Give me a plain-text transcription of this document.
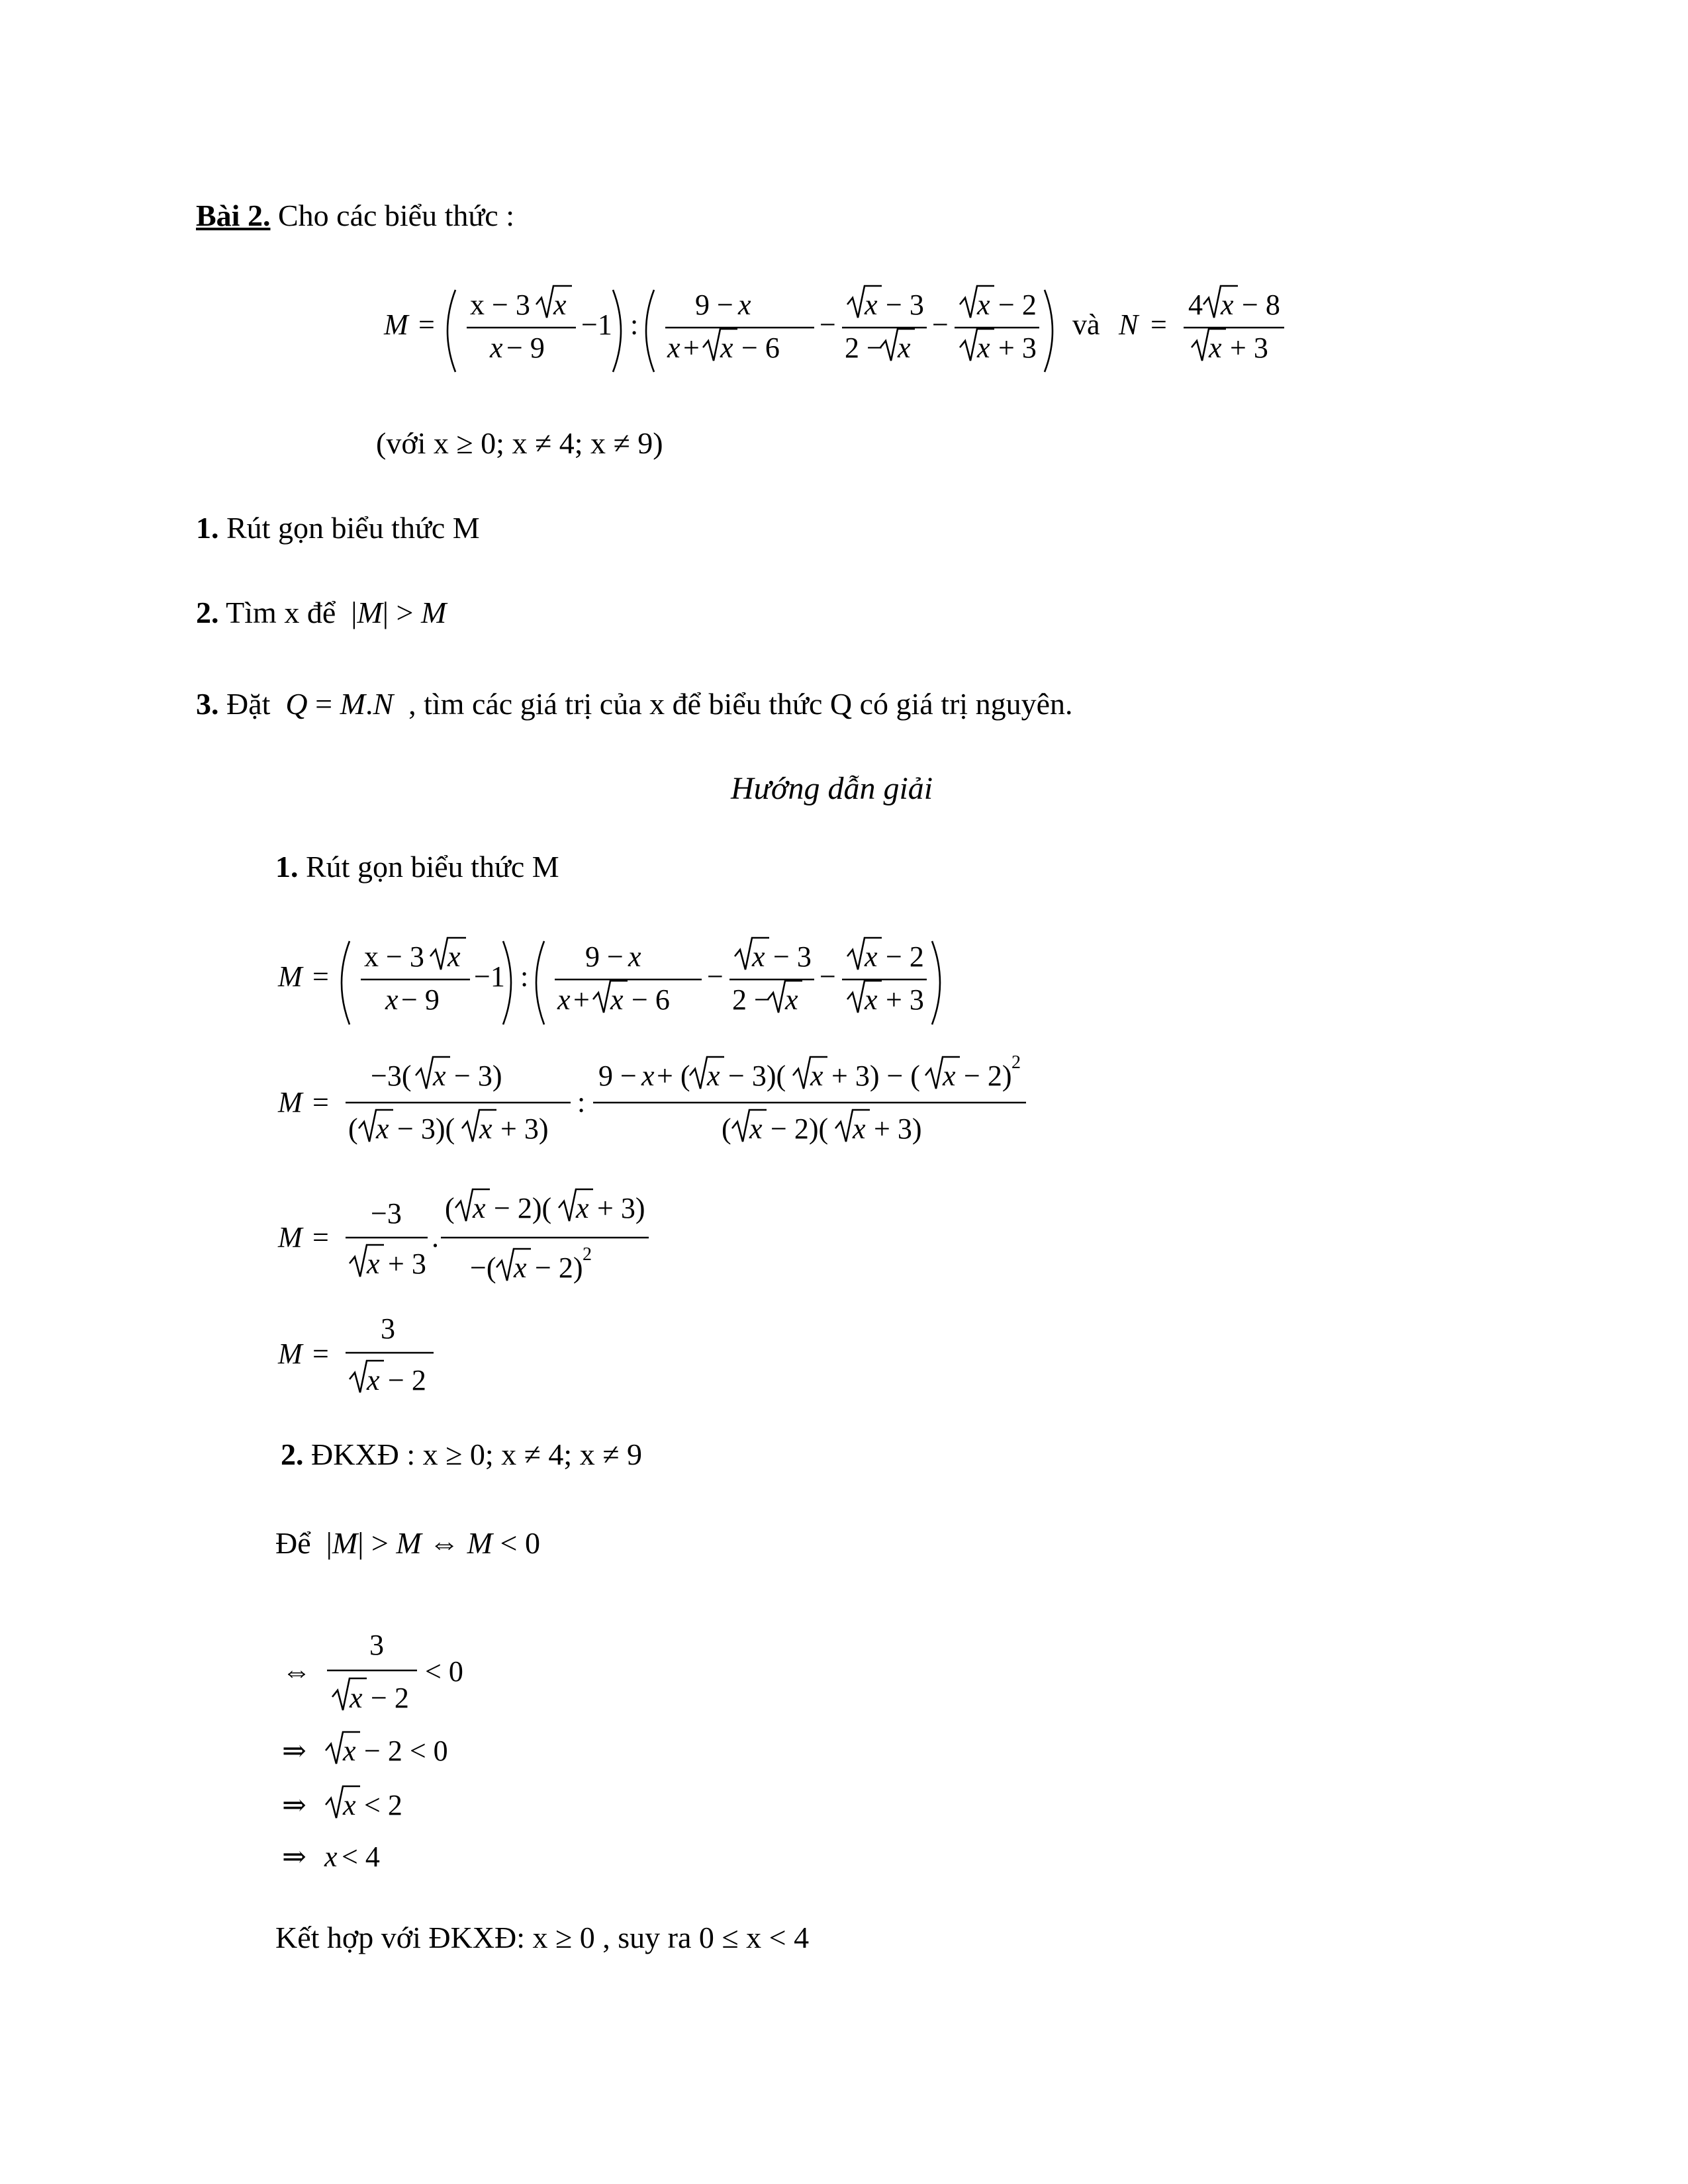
Bài 2. Cho các biểu thức :
M =
x − 3 x
x − 9
−1 :
9 − x
x + x − 6
−
x − 3
2 − x
−
x − 2
x + 3
và N =
4 x − 8
x + 3
(với x ≥ 0; x ≠ 4; x ≠ 9)
1. Rút gọn biểu thức M
2. Tìm x để  |M| > M
3. Đặt Q = M.N , tìm các giá trị của x để biểu thức Q có giá trị nguyên.
Hướng dẫn giải
1. Rút gọn biểu thức M
M =
x − 3 x
x − 9
−1 :
9 − x
x + x − 6
−
x − 3
2 − x
−
x − 2
x + 3
M =
−3( x − 3)
( x − 3)( x + 3)
:
9 − x + ( x − 3)( x + 3) − ( x − 2) 2
( x − 2)( x + 3)
M =
−3
x + 3
.
( x − 2)( x + 3)
−( x − 2) 2
M =
3
x − 2
2. ĐKXĐ : x ≥ 0; x ≠ 4; x ≠ 9
Để  |M| > M ⇔ M < 0
⇔
3
x − 2
< 0
⇒ x − 2 < 0
⇒ x < 2
⇒ x < 4
Kết hợp với ĐKXĐ: x ≥ 0 , suy ra 0 ≤ x < 4
